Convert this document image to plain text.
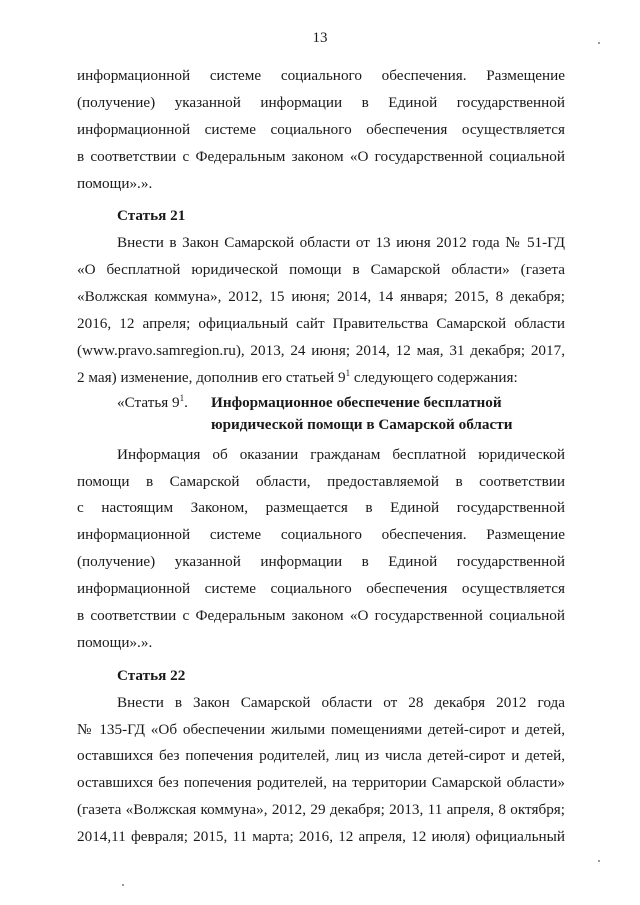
13
информационной системе социального обеспечения. Размещение
(получение) указанной информации в Единой государственной
информационной системе социального обеспечения осуществляется
в соответствии с Федеральным законом «О государственной социальной
помощи».».
Статья 21
Внести в Закон Самарской области от 13 июня 2012 года № 51-ГД
«О бесплатной юридической помощи в Самарской области» (газета
«Волжская коммуна», 2012, 15 июня; 2014, 14 января; 2015, 8 декабря;
2016, 12 апреля; официальный сайт Правительства Самарской области
(www.pravo.samregion.ru), 2013, 24 июня; 2014, 12 мая, 31 декабря; 2017,
2 мая) изменение, дополнив его статьей $9^1$ следующего содержания:
«Статья $9^1$. Информационное обеспечение бесплатной
юридической помощи в Самарской области
Информация об оказании гражданам бесплатной юридической
помощи в Самарской области, предоставляемой в соответствии
с настоящим Законом, размещается в Единой государственной
информационной системе социального обеспечения. Размещение
(получение) указанной информации в Единой государственной
информационной системе социального обеспечения осуществляется
в соответствии с Федеральным законом «О государственной социальной
помощи».».
Статья 22
Внести в Закон Самарской области от 28 декабря 2012 года
№ 135-ГД «Об обеспечении жилыми помещениями детей-сирот и детей,
оставшихся без попечения родителей, лиц из числа детей-сирот и детей,
оставшихся без попечения родителей, на территории Самарской области»
(газета «Волжская коммуна», 2012, 29 декабря; 2013, 11 апреля, 8 октября;
2014,11 февраля; 2015, 11 марта; 2016, 12 апреля, 12 июля) официальный
